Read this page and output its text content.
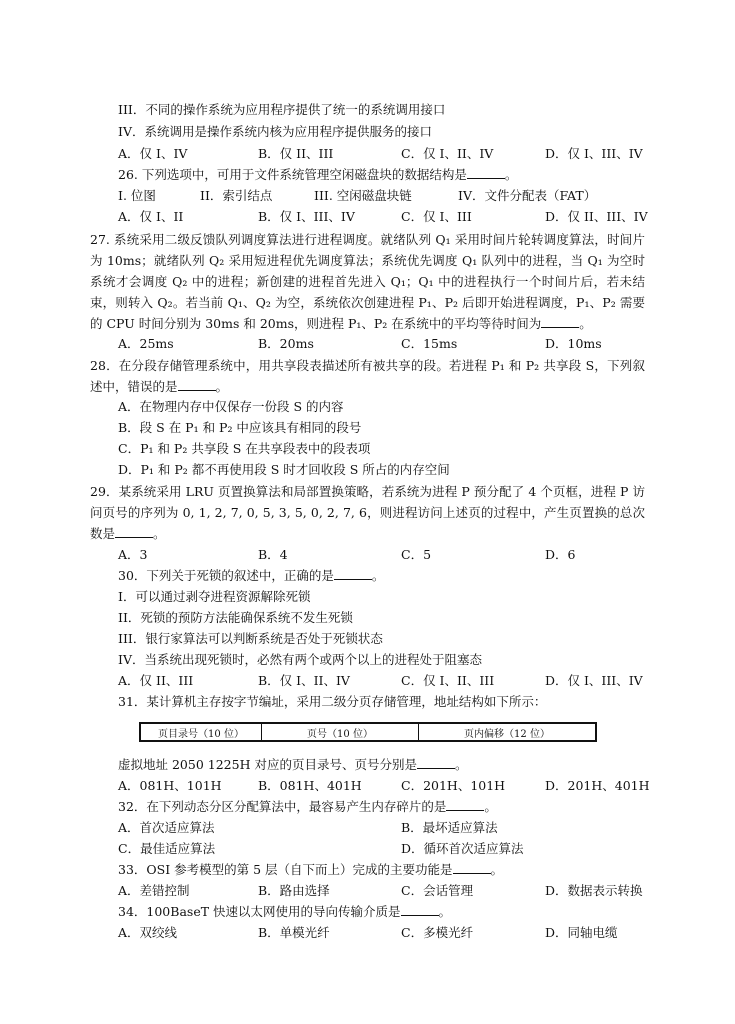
III．不同的操作系统为应用程序提供了统一的系统调用接口
IV．系统调用是操作系统内核为应用程序提供服务的接口
A．仅 I、IV	B．仅 II、III	C．仅 I、II、IV	D．仅 I、III、IV
26. 下列选项中，可用于文件系统管理空闲磁盘块的数据结构是	。
I. 位图	II．索引结点	III. 空闲磁盘块链	IV．文件分配表（FAT）
A．仅 I、II	B．仅 I、III、IV	C．仅 I、III	D．仅 II、III、IV
27. 系统采用二级反馈队列调度算法进行进程调度。就绪队列 Q₁ 采用时间片轮转调度算法，时间片为 10ms；就绪队列 Q₂ 采用短进程优先调度算法；系统优先调度 Q₁ 队列中的进程，当 Q₁ 为空时系统才会调度 Q₂ 中的进程；新创建的进程首先进入 Q₁；Q₁ 中的进程执行一个时间片后，若未结束，则转入 Q₂。若当前 Q₁、Q₂ 为空，系统依次创建进程 P₁、P₂ 后即开始进程调度，P₁、P₂ 需要的 CPU 时间分别为 30ms 和 20ms，则进程 P₁、P₂ 在系统中的平均等待时间为	。
A．25ms	B．20ms	C．15ms	D．10ms
28．在分段存储管理系统中，用共享段表描述所有被共享的段。若进程 P₁ 和 P₂ 共享段 S，下列叙述中，错误的是	。
A．在物理内存中仅保存一份段 S 的内容
B．段 S 在 P₁ 和 P₂ 中应该具有相同的段号
C．P₁ 和 P₂ 共享段 S 在共享段表中的段表项
D．P₁ 和 P₂ 都不再使用段 S 时才回收段 S 所占的内存空间
29．某系统采用 LRU 页置换算法和局部置换策略，若系统为进程 P 预分配了 4 个页框，进程 P 访问页号的序列为 0, 1, 2, 7, 0, 5, 3, 5, 0, 2, 7, 6，则进程访问上述页的过程中，产生页置换的总次数是	。
A．3	B．4	C．5	D．6
30．下列关于死锁的叙述中，正确的是	。
I．可以通过剥夺进程资源解除死锁
II．死锁的预防方法能确保系统不发生死锁
III．银行家算法可以判断系统是否处于死锁状态
IV．当系统出现死锁时，必然有两个或两个以上的进程处于阻塞态
A．仅 II、III	B．仅 I、II、IV	C．仅 I、II、III	D．仅 I、III、IV
31．某计算机主存按字节编址，采用二级分页存储管理，地址结构如下所示：
页目录号（10 位）	页号（10 位）	页内偏移（12 位）
虚拟地址 2050 1225H 对应的页目录号、页号分别是	。
A．081H、101H	B．081H、401H	C．201H、101H	D．201H、401H
32．在下列动态分区分配算法中，最容易产生内存碎片的是	。
A．首次适应算法	B．最坏适应算法
C．最佳适应算法	D．循环首次适应算法
33．OSI 参考模型的第 5 层（自下而上）完成的主要功能是	。
A．差错控制	B．路由选择	C．会话管理	D．数据表示转换
34．100BaseT 快速以太网使用的导向传输介质是	。
A．双绞线	B．单模光纤	C．多模光纤	D．同轴电缆
